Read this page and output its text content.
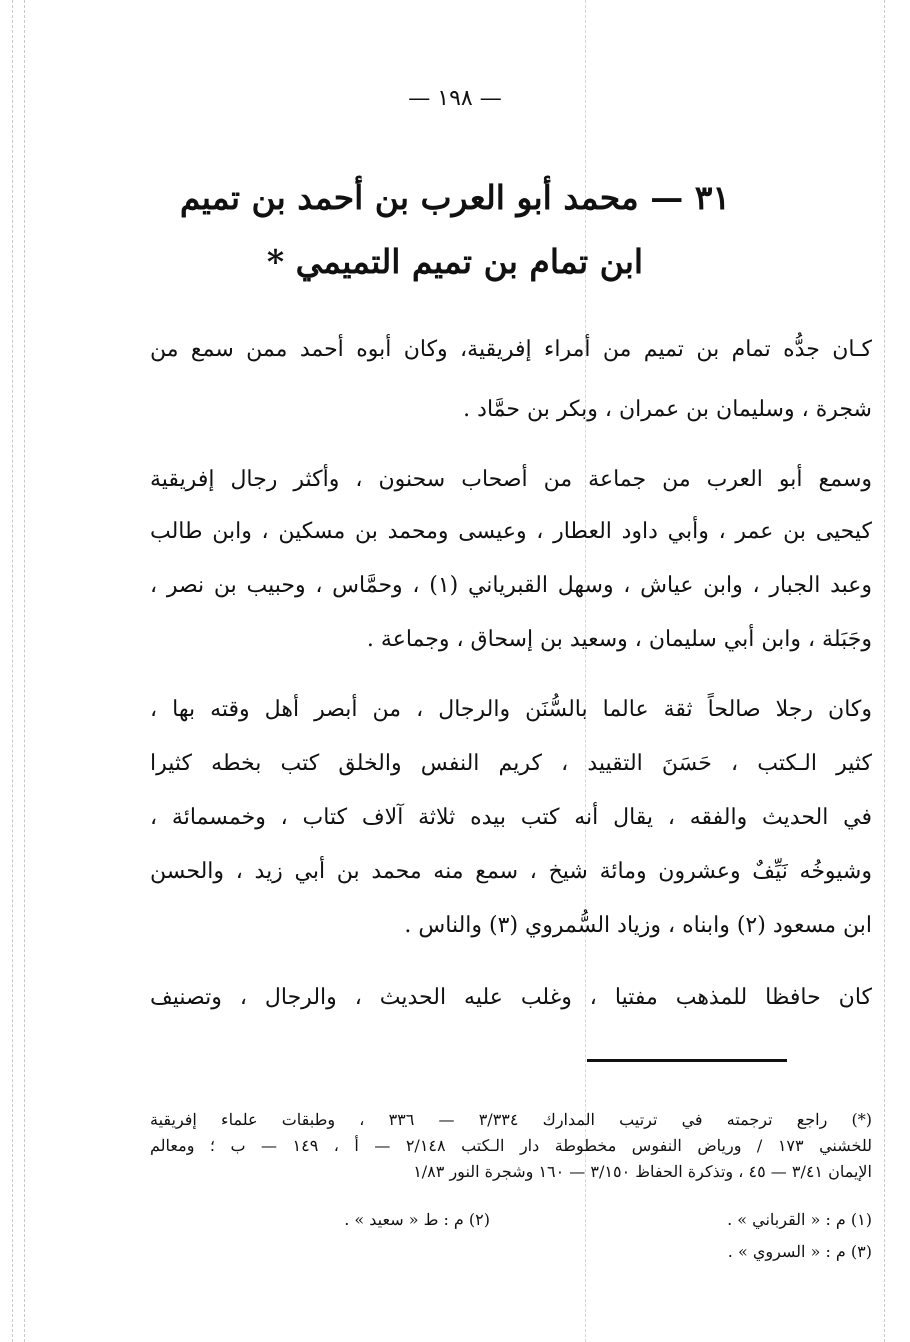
— ١٩٨ —
٣١ — محمد أبو العرب بن أحمد بن تميم
ابن تمام بن تميم التميمي *
كـان جدُّه تمام بن تميم من أمراء إفريقية، وكان أبوه أحمد ممن سمع من
شجرة ، وسليمان بن عمران ، وبكر بن حمَّاد .
وسمع أبو العرب من جماعة من أصحاب سحنون ، وأكثر رجال إفريقية
كيحيى بن عمر ، وأبي داود العطار ، وعيسى ومحمد بن مسكين ، وابن طالب
وعبد الجبار ، وابن عياش ، وسهل القبرياني (١) ، وحمَّاس ، وحبيب بن نصر ،
وجَبَلة ، وابن أبي سليمان ، وسعيد بن إسحاق ، وجماعة .
وكان رجلا صالحاً ثقة عالما بالسُّنَن والرجال ، من أبصر أهل وقته بها ،
كثير الـكتب ، حَسَنَ التقييد ، كريم النفس والخلق كتب بخطه كثيرا
في الحديث والفقه ، يقال أنه كتب بيده ثلاثة آلاف كتاب ، وخمسمائة ،
وشيوخُه نَيِّفٌ وعشرون ومائة شيخ ، سمع منه محمد بن أبي زيد ، والحسن
ابن مسعود (٢) وابناه ، وزياد السُّمروي (٣) والناس .
كان حافظا للمذهب مفتيا ، وغلب عليه الحديث ، والرجال ، وتصنيف
(*) راجع ترجمته في ترتيب المدارك ٣/٣٣٤ — ٣٣٦ ، وطبقات علماء إفريقية
للخشني ١٧٣ / ورياض النفوس مخطوطة دار الـكتب ٢/١٤٨ — أ ، ١٤٩ — ب ؛ ومعالم
الإيمان ٣/٤١ — ٤٥ ، وتذكرة الحفاظ ٣/١٥٠ — ١٦٠ وشجرة النور ١/٨٣
(١) م : « القرباني » .
(٢) م : ط « سعيد » .
(٣) م : « السروي » .
